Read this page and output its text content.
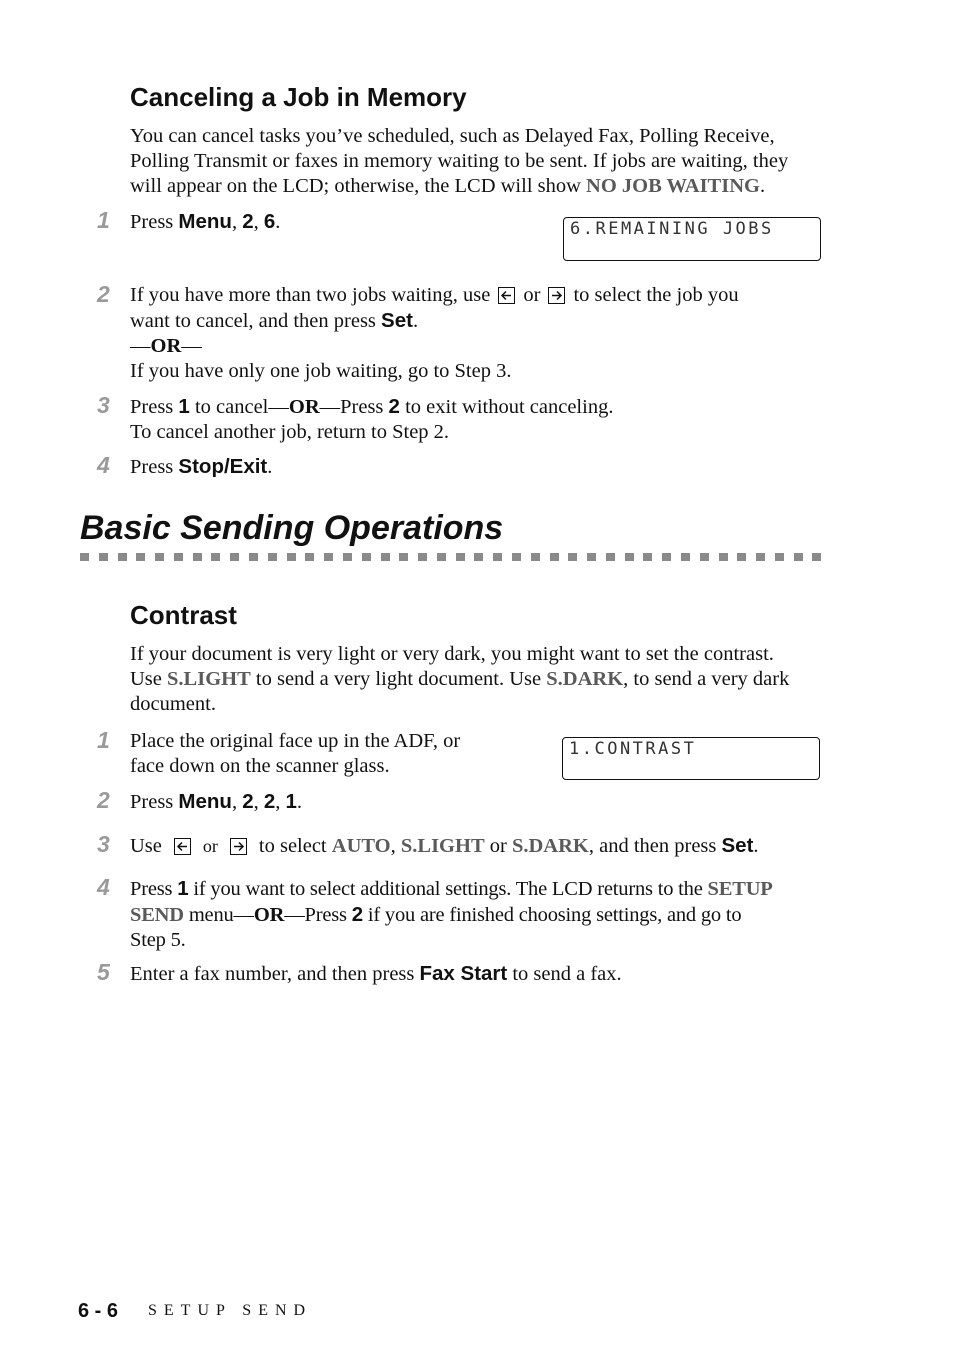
Canceling a Job in Memory
You can cancel tasks you’ve scheduled, such as Delayed Fax, Polling Receive,
Polling Transmit or faxes in memory waiting to be sent. If jobs are waiting, they
will appear on the LCD; otherwise, the LCD will show NO JOB WAITING.
1 Press Menu, 2, 6.	6.REMAINING JOBS
2 If you have more than two jobs waiting, use or to select the job you
want to cancel, and then press Set.
—OR—
If you have only one job waiting, go to Step 3.
3 Press 1 to cancel—OR—Press 2 to exit without canceling.
To cancel another job, return to Step 2.
4 Press Stop/Exit.
Basic Sending Operations
Contrast
If your document is very light or very dark, you might want to set the contrast.
Use S.LIGHT to send a very light document. Use S.DARK, to send a very dark
document.
1 Place the original face up in the ADF, or
face down on the scanner glass.
1.CONTRAST
2 Press Menu, 2, 2, 1.
3 Use or to select AUTO, S.LIGHT or S.DARK, and then press Set.
4 Press 1 if you want to select additional settings. The LCD returns to the SETUP
SEND menu—OR—Press 2 if you are finished choosing settings, and go to
Step 5.
5 Enter a fax number, and then press Fax Start to send a fax.
6 - 6 SETUP SEND
